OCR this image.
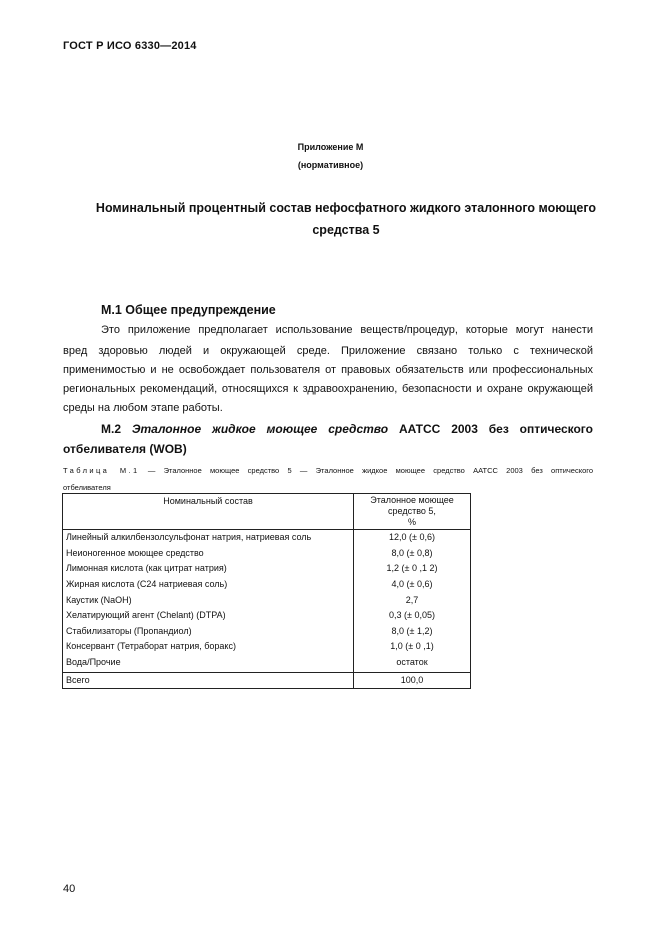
ГОСТ Р ИСО 6330—2014
Приложение М
(нормативное)
Номинальный процентный состав нефосфатного жидкого эталонного моющего
средства 5
М.1 Общее предупреждение
Это приложение предполагает использование веществ/процедур, которые могут нанести
вред здоровью людей и окружающей среде. Приложение связано только с технической
применимостью и не освобождает пользователя от правовых обязательств или профессиональных
региональных рекомендаций, относящихся к здравоохранению, безопасности и охране окружающей
среды на любом этапе работы.
М.2 Эталонное жидкое моющее средство ААТСС 2003 без оптического
отбеливателя (WOB)
Таблица М.1 — Эталонное моющее средство 5 — Эталонное жидкое моющее средство ААТСС 2003 без оптического
отбеливателя
Номинальный состав	Эталонное моющее
средство 5,
%

Линейный алкилбензолсульфонат натрия, натриевая соль	12,0 (± 0,6)
Неионогенное моющее средство	8,0 (± 0,8)
Лимонная кислота (как цитрат натрия)	1,2 (± 0 ,1 2)
Жирная кислота (С24 натриевая соль)	4,0 (± 0,6)
Каустик (NaOH)	2,7
Хелатирующий агент (Chelant) (DTPA)	0,3 (± 0,05)
Стабилизаторы (Пропандиол)	8,0 (± 1,2)
Консервант (Тетраборат натрия, боракс)	1,0 (± 0 ,1)
Вода/Прочие	остаток
Всего	100,0
40
